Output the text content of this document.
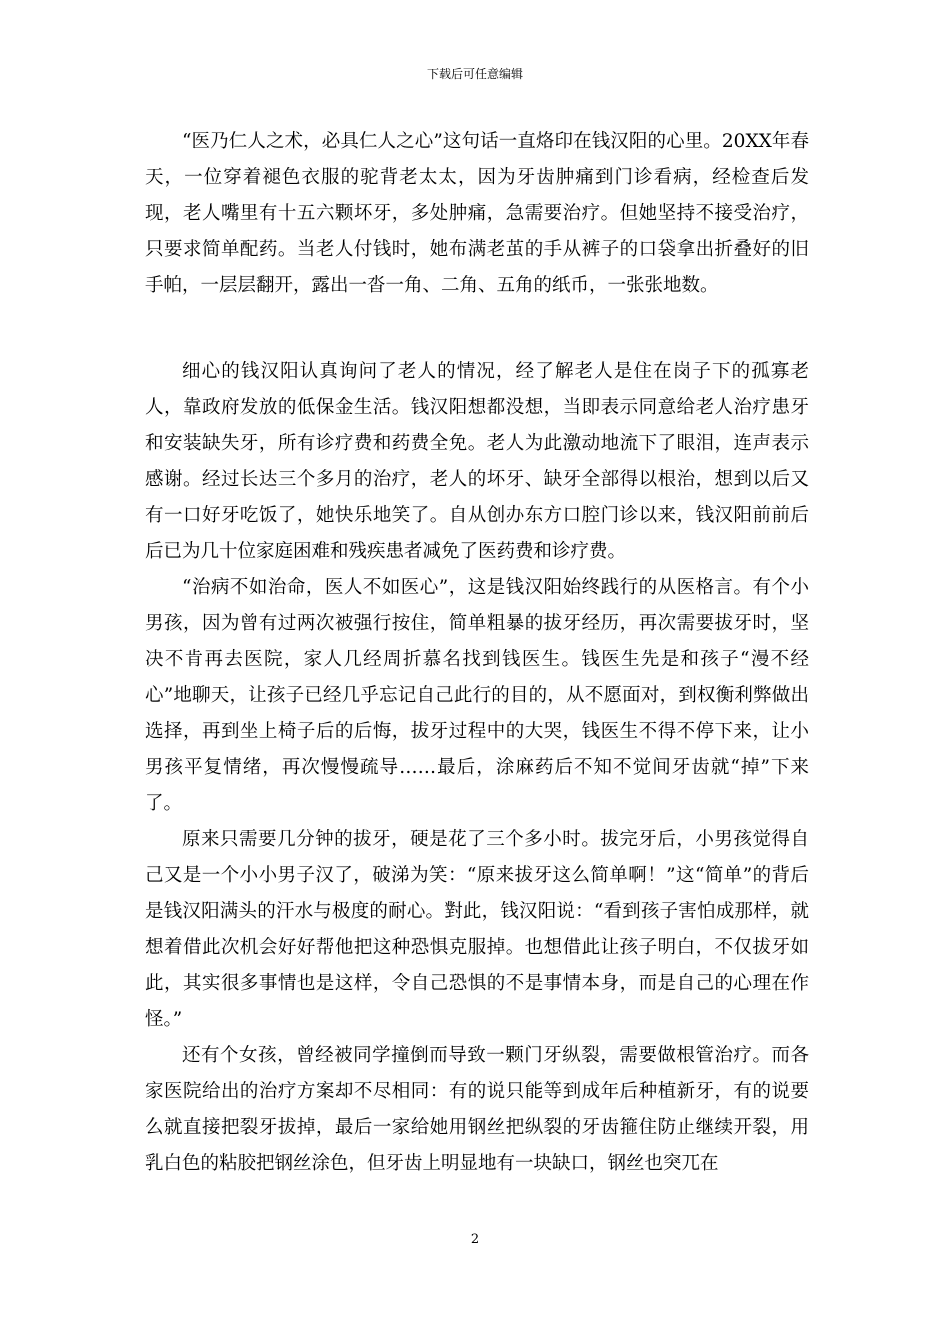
下载后可任意编辑

“医乃仁人之术，必具仁人之心”这句话一直烙印在钱汉阳的心里。20XX年春天，一位穿着褪色衣服的驼背老太太，因为牙齿肿痛到门诊看病，经检查后发现，老人嘴里有十五六颗坏牙，多处肿痛，急需要治疗。但她坚持不接受治疗，只要求简单配药。当老人付钱时，她布满老茧的手从裤子的口袋拿出折叠好的旧手帕，一层层翻开，露出一沓一角、二角、五角的纸币，一张张地数。

细心的钱汉阳认真询问了老人的情况，经了解老人是住在岗子下的孤寡老人，靠政府发放的低保金生活。钱汉阳想都没想，当即表示同意给老人治疗患牙和安装缺失牙，所有诊疗费和药费全免。老人为此激动地流下了眼泪，连声表示感谢。经过长达三个多月的治疗，老人的坏牙、缺牙全部得以根治，想到以后又有一口好牙吃饭了，她快乐地笑了。自从创办东方口腔门诊以来，钱汉阳前前后后已为几十位家庭困难和残疾患者减免了医药费和诊疗费。

“治病不如治命，医人不如医心”，这是钱汉阳始终践行的从医格言。有个小男孩，因为曾有过两次被强行按住，简单粗暴的拔牙经历，再次需要拔牙时，坚决不肯再去医院，家人几经周折慕名找到钱医生。钱医生先是和孩子“漫不经心”地聊天，让孩子已经几乎忘记自己此行的目的，从不愿面对，到权衡利弊做出选择，再到坐上椅子后的后悔，拔牙过程中的大哭，钱医生不得不停下来，让小男孩平复情绪，再次慢慢疏导……最后，涂麻药后不知不觉间牙齿就“掉”下来了。

原来只需要几分钟的拔牙，硬是花了三个多小时。拔完牙后，小男孩觉得自己又是一个小小男子汉了，破涕为笑：“原来拔牙这么简单啊！”这“简单”的背后是钱汉阳满头的汗水与极度的耐心。對此，钱汉阳说：“看到孩子害怕成那样，就想着借此次机会好好帮他把这种恐惧克服掉。也想借此让孩子明白，不仅拔牙如此，其实很多事情也是这样，令自己恐惧的不是事情本身，而是自己的心理在作怪。”

还有个女孩，曾经被同学撞倒而导致一颗门牙纵裂，需要做根管治疗。而各家医院给出的治疗方案却不尽相同：有的说只能等到成年后种植新牙，有的说要么就直接把裂牙拔掉，最后一家给她用钢丝把纵裂的牙齿箍住防止继续开裂，用乳白色的粘胶把钢丝涂色，但牙齿上明显地有一块缺口，钢丝也突兀在

2
